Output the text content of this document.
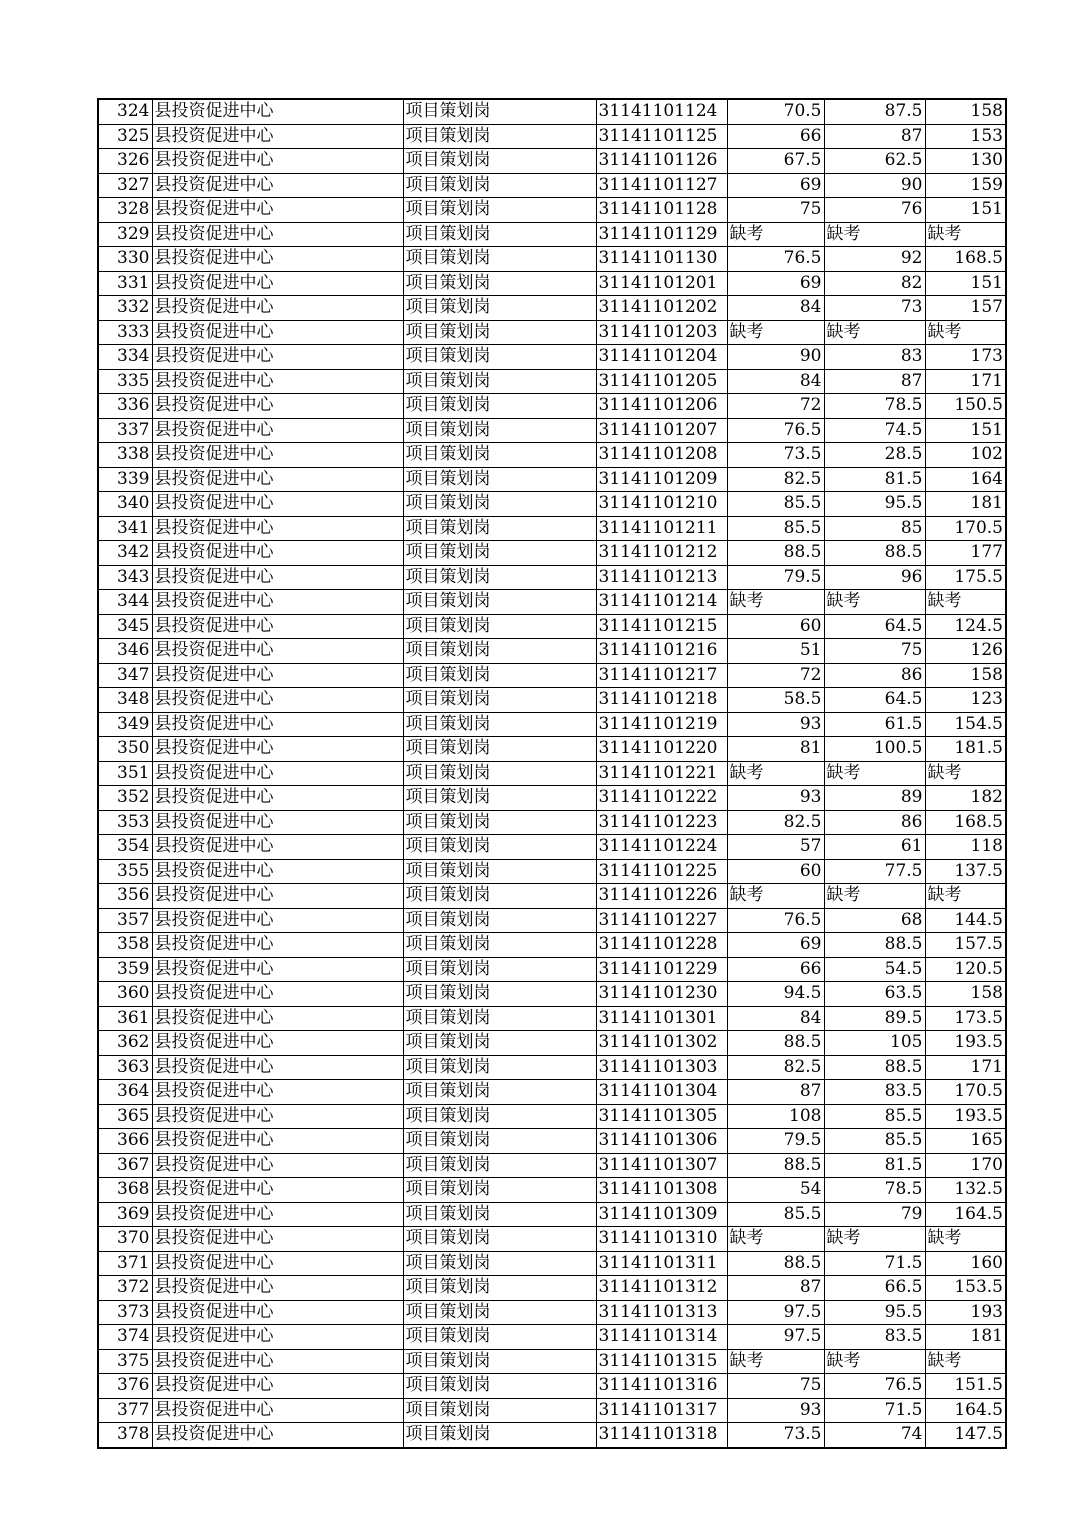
324	县投资促进中心	项目策划岗	31141101124	70.5	87.5	158
325	县投资促进中心	项目策划岗	31141101125	66	87	153
326	县投资促进中心	项目策划岗	31141101126	67.5	62.5	130
327	县投资促进中心	项目策划岗	31141101127	69	90	159
328	县投资促进中心	项目策划岗	31141101128	75	76	151
329	县投资促进中心	项目策划岗	31141101129	缺考	缺考	缺考
330	县投资促进中心	项目策划岗	31141101130	76.5	92	168.5
331	县投资促进中心	项目策划岗	31141101201	69	82	151
332	县投资促进中心	项目策划岗	31141101202	84	73	157
333	县投资促进中心	项目策划岗	31141101203	缺考	缺考	缺考
334	县投资促进中心	项目策划岗	31141101204	90	83	173
335	县投资促进中心	项目策划岗	31141101205	84	87	171
336	县投资促进中心	项目策划岗	31141101206	72	78.5	150.5
337	县投资促进中心	项目策划岗	31141101207	76.5	74.5	151
338	县投资促进中心	项目策划岗	31141101208	73.5	28.5	102
339	县投资促进中心	项目策划岗	31141101209	82.5	81.5	164
340	县投资促进中心	项目策划岗	31141101210	85.5	95.5	181
341	县投资促进中心	项目策划岗	31141101211	85.5	85	170.5
342	县投资促进中心	项目策划岗	31141101212	88.5	88.5	177
343	县投资促进中心	项目策划岗	31141101213	79.5	96	175.5
344	县投资促进中心	项目策划岗	31141101214	缺考	缺考	缺考
345	县投资促进中心	项目策划岗	31141101215	60	64.5	124.5
346	县投资促进中心	项目策划岗	31141101216	51	75	126
347	县投资促进中心	项目策划岗	31141101217	72	86	158
348	县投资促进中心	项目策划岗	31141101218	58.5	64.5	123
349	县投资促进中心	项目策划岗	31141101219	93	61.5	154.5
350	县投资促进中心	项目策划岗	31141101220	81	100.5	181.5
351	县投资促进中心	项目策划岗	31141101221	缺考	缺考	缺考
352	县投资促进中心	项目策划岗	31141101222	93	89	182
353	县投资促进中心	项目策划岗	31141101223	82.5	86	168.5
354	县投资促进中心	项目策划岗	31141101224	57	61	118
355	县投资促进中心	项目策划岗	31141101225	60	77.5	137.5
356	县投资促进中心	项目策划岗	31141101226	缺考	缺考	缺考
357	县投资促进中心	项目策划岗	31141101227	76.5	68	144.5
358	县投资促进中心	项目策划岗	31141101228	69	88.5	157.5
359	县投资促进中心	项目策划岗	31141101229	66	54.5	120.5
360	县投资促进中心	项目策划岗	31141101230	94.5	63.5	158
361	县投资促进中心	项目策划岗	31141101301	84	89.5	173.5
362	县投资促进中心	项目策划岗	31141101302	88.5	105	193.5
363	县投资促进中心	项目策划岗	31141101303	82.5	88.5	171
364	县投资促进中心	项目策划岗	31141101304	87	83.5	170.5
365	县投资促进中心	项目策划岗	31141101305	108	85.5	193.5
366	县投资促进中心	项目策划岗	31141101306	79.5	85.5	165
367	县投资促进中心	项目策划岗	31141101307	88.5	81.5	170
368	县投资促进中心	项目策划岗	31141101308	54	78.5	132.5
369	县投资促进中心	项目策划岗	31141101309	85.5	79	164.5
370	县投资促进中心	项目策划岗	31141101310	缺考	缺考	缺考
371	县投资促进中心	项目策划岗	31141101311	88.5	71.5	160
372	县投资促进中心	项目策划岗	31141101312	87	66.5	153.5
373	县投资促进中心	项目策划岗	31141101313	97.5	95.5	193
374	县投资促进中心	项目策划岗	31141101314	97.5	83.5	181
375	县投资促进中心	项目策划岗	31141101315	缺考	缺考	缺考
376	县投资促进中心	项目策划岗	31141101316	75	76.5	151.5
377	县投资促进中心	项目策划岗	31141101317	93	71.5	164.5
378	县投资促进中心	项目策划岗	31141101318	73.5	74	147.5
